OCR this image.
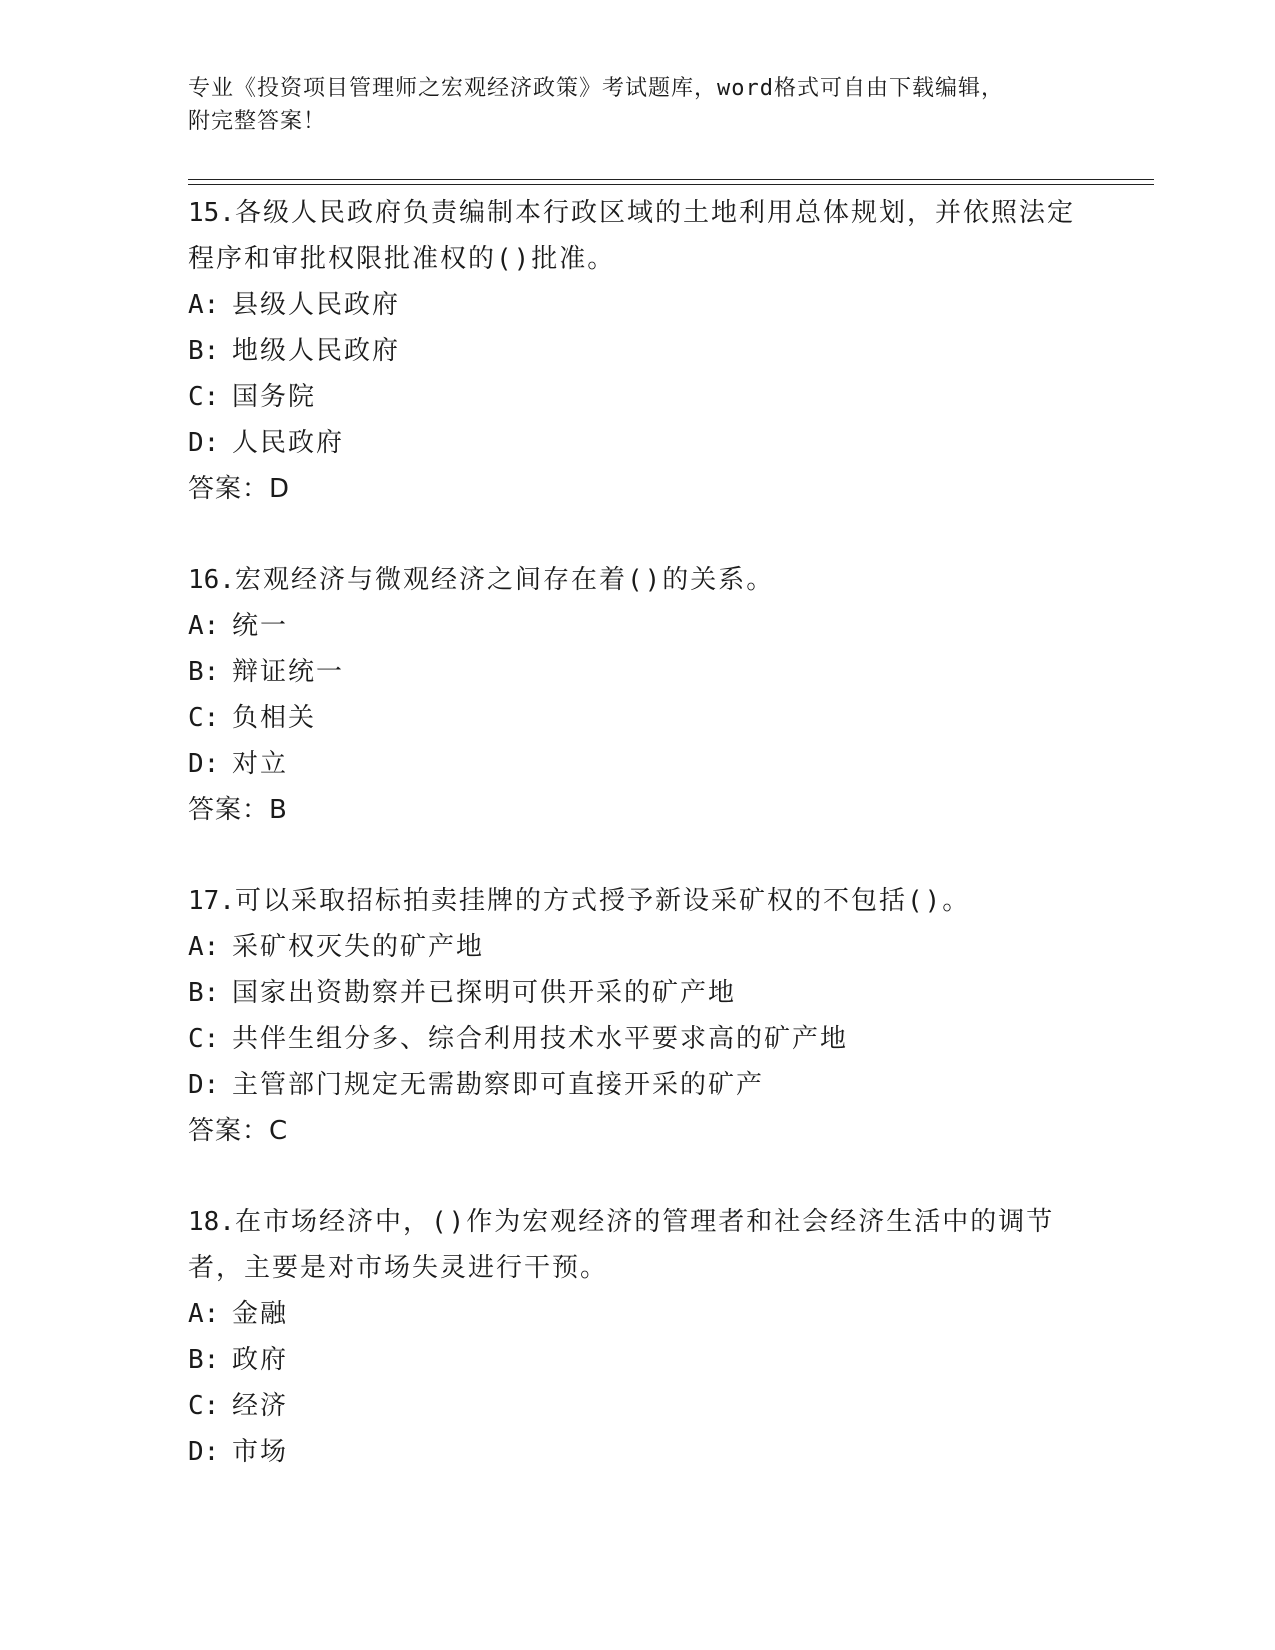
专业《投资项目管理师之宏观经济政策》考试题库，word格式可自由下载编辑，
附完整答案！

15.各级人民政府负责编制本行政区域的土地利用总体规划，并依照法定程序和审批权限批准权的()批准。

A: 县级人民政府
B: 地级人民政府
C: 国务院
D: 人民政府
答案：D

16.宏观经济与微观经济之间存在着()的关系。

A: 统一
B: 辩证统一
C: 负相关
D: 对立
答案：B

17.可以采取招标拍卖挂牌的方式授予新设采矿权的不包括()。

A: 采矿权灭失的矿产地
B: 国家出资勘察并已探明可供开采的矿产地
C: 共伴生组分多、综合利用技术水平要求高的矿产地
D: 主管部门规定无需勘察即可直接开采的矿产
答案：C

18.在市场经济中，()作为宏观经济的管理者和社会经济生活中的调节者，主要是对市场失灵进行干预。

A: 金融
B: 政府
C: 经济
D: 市场
